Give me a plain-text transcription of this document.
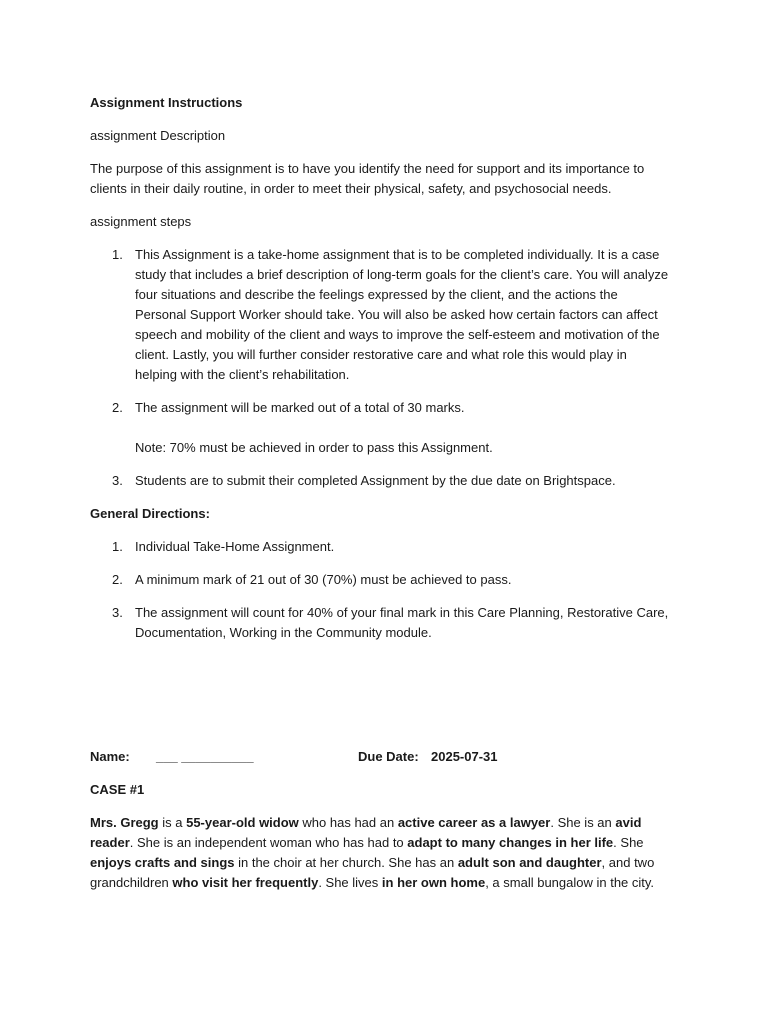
Assignment Instructions

assignment Description

The purpose of this assignment is to have you identify the need for support and its importance to clients in their daily routine, in order to meet their physical, safety, and psychosocial needs.

assignment steps

1. This Assignment is a take-home assignment that is to be completed individually. It is a case study that includes a brief description of long-term goals for the client’s care. You will analyze four situations and describe the feelings expressed by the client, and the actions the Personal Support Worker should take. You will also be asked how certain factors can affect speech and mobility of the client and ways to improve the self-esteem and motivation of the client. Lastly, you will further consider restorative care and what role this would play in helping with the client’s rehabilitation.
2. The assignment will be marked out of a total of 30 marks.
Note: 70% must be achieved in order to pass this Assignment.
3. Students are to submit their completed Assignment by the due date on Brightspace.

General Directions:

1. Individual Take-Home Assignment.
2. A minimum mark of 21 out of 30 (70%) must be achieved to pass.
3. The assignment will count for 40% of your final mark in this Care Planning, Restorative Care, Documentation, Working in the Community module.
Name: ___ __________	Due Date: 2025-07-31

CASE #1

Mrs. Gregg is a 55-year-old widow who has had an active career as a lawyer. She is an avid reader. She is an independent woman who has had to adapt to many changes in her life. She enjoys crafts and sings in the choir at her church. She has an adult son and daughter, and two grandchildren who visit her frequently. She lives in her own home, a small bungalow in the city.
